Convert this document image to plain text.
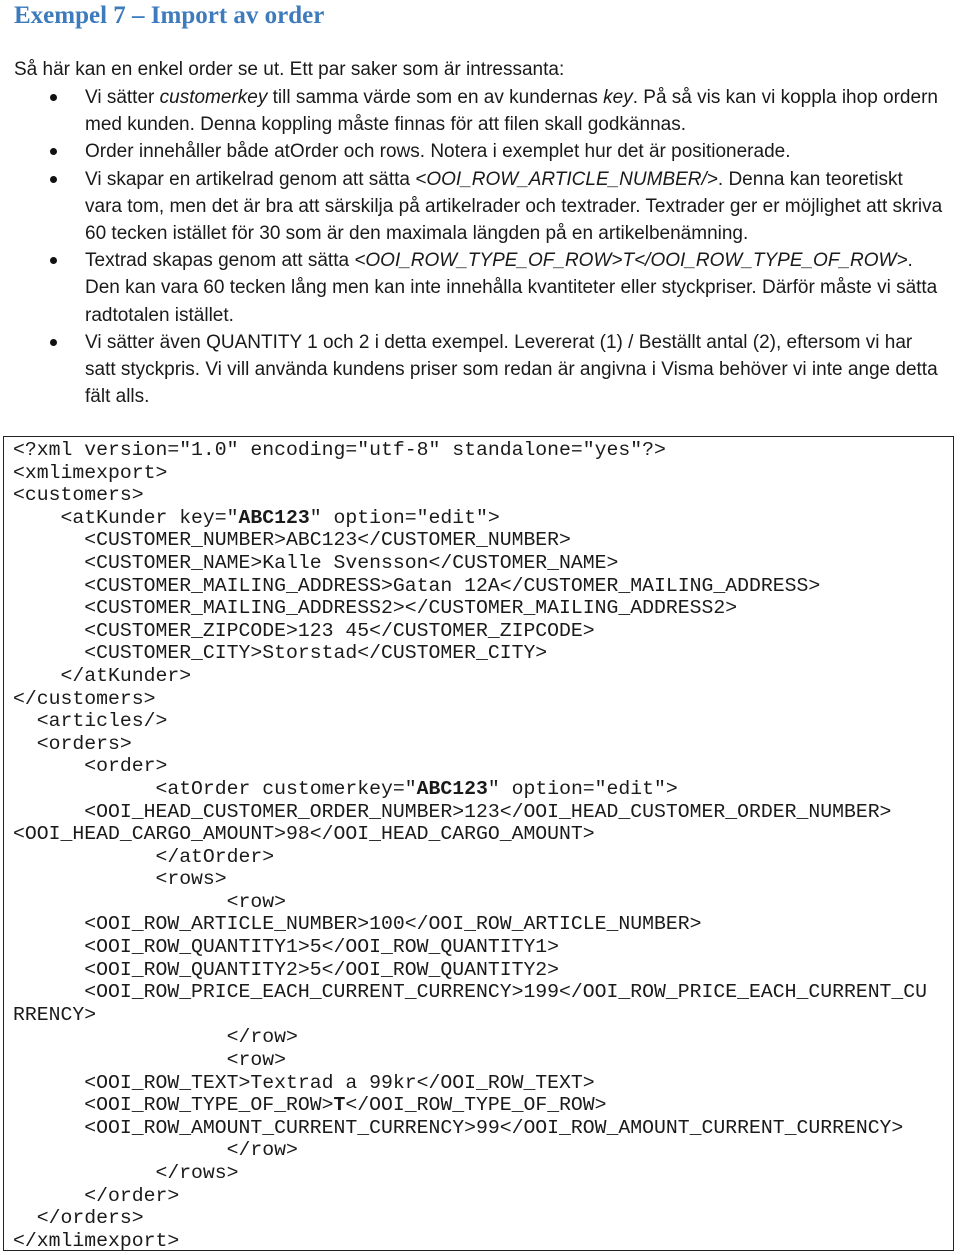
Exempel 7 – Import av order

Så här kan en enkel order se ut. Ett par saker som är intressanta:

Vi sätter customerkey till samma värde som en av kundernas key. På så vis kan vi koppla ihop ordern med kunden. Denna koppling måste finnas för att filen skall godkännas.
Order innehåller både atOrder och rows. Notera i exemplet hur det är positionerade.
Vi skapar en artikelrad genom att sätta <OOI_ROW_ARTICLE_NUMBER/>. Denna kan teoretiskt vara tom, men det är bra att särskilja på artikelrader och textrader. Textrader ger er möjlighet att skriva 60 tecken istället för 30 som är den maximala längden på en artikelbenämning.
Textrad skapas genom att sätta <OOI_ROW_TYPE_OF_ROW>T</OOI_ROW_TYPE_OF_ROW>. Den kan vara 60 tecken lång men kan inte innehålla kvantiteter eller styckpriser. Därför måste vi sätta radtotalen istället.
Vi sätter även QUANTITY 1 och 2 i detta exempel. Levererat (1) / Beställt antal (2), eftersom vi har satt styckpris. Vi vill använda kundens priser som redan är angivna i Visma behöver vi inte ange detta fält alls.
<?xml version="1.0" encoding="utf-8" standalone="yes"?>
<xmlimexport>
<customers>
<atKunder key="ABC123" option="edit">
<CUSTOMER_NUMBER>ABC123</CUSTOMER_NUMBER>
<CUSTOMER_NAME>Kalle Svensson</CUSTOMER_NAME>
<CUSTOMER_MAILING_ADDRESS>Gatan 12A</CUSTOMER_MAILING_ADDRESS>
<CUSTOMER_MAILING_ADDRESS2></CUSTOMER_MAILING_ADDRESS2>
<CUSTOMER_ZIPCODE>123 45</CUSTOMER_ZIPCODE>
<CUSTOMER_CITY>Storstad</CUSTOMER_CITY>
</atKunder>
</customers>
<articles/>
<orders>
<order>
<atOrder customerkey="ABC123" option="edit">
<OOI_HEAD_CUSTOMER_ORDER_NUMBER>123</OOI_HEAD_CUSTOMER_ORDER_NUMBER>
<OOI_HEAD_CARGO_AMOUNT>98</OOI_HEAD_CARGO_AMOUNT>
</atOrder>
<rows>
<row>
<OOI_ROW_ARTICLE_NUMBER>100</OOI_ROW_ARTICLE_NUMBER>
<OOI_ROW_QUANTITY1>5</OOI_ROW_QUANTITY1>
<OOI_ROW_QUANTITY2>5</OOI_ROW_QUANTITY2>
<OOI_ROW_PRICE_EACH_CURRENT_CURRENCY>199</OOI_ROW_PRICE_EACH_CURRENT_CU
RRENCY>
</row>
<row>
<OOI_ROW_TEXT>Textrad a 99kr</OOI_ROW_TEXT>
<OOI_ROW_TYPE_OF_ROW>T</OOI_ROW_TYPE_OF_ROW>
<OOI_ROW_AMOUNT_CURRENT_CURRENCY>99</OOI_ROW_AMOUNT_CURRENT_CURRENCY>
</row>
</rows>
</order>
</orders>
</xmlimexport>
